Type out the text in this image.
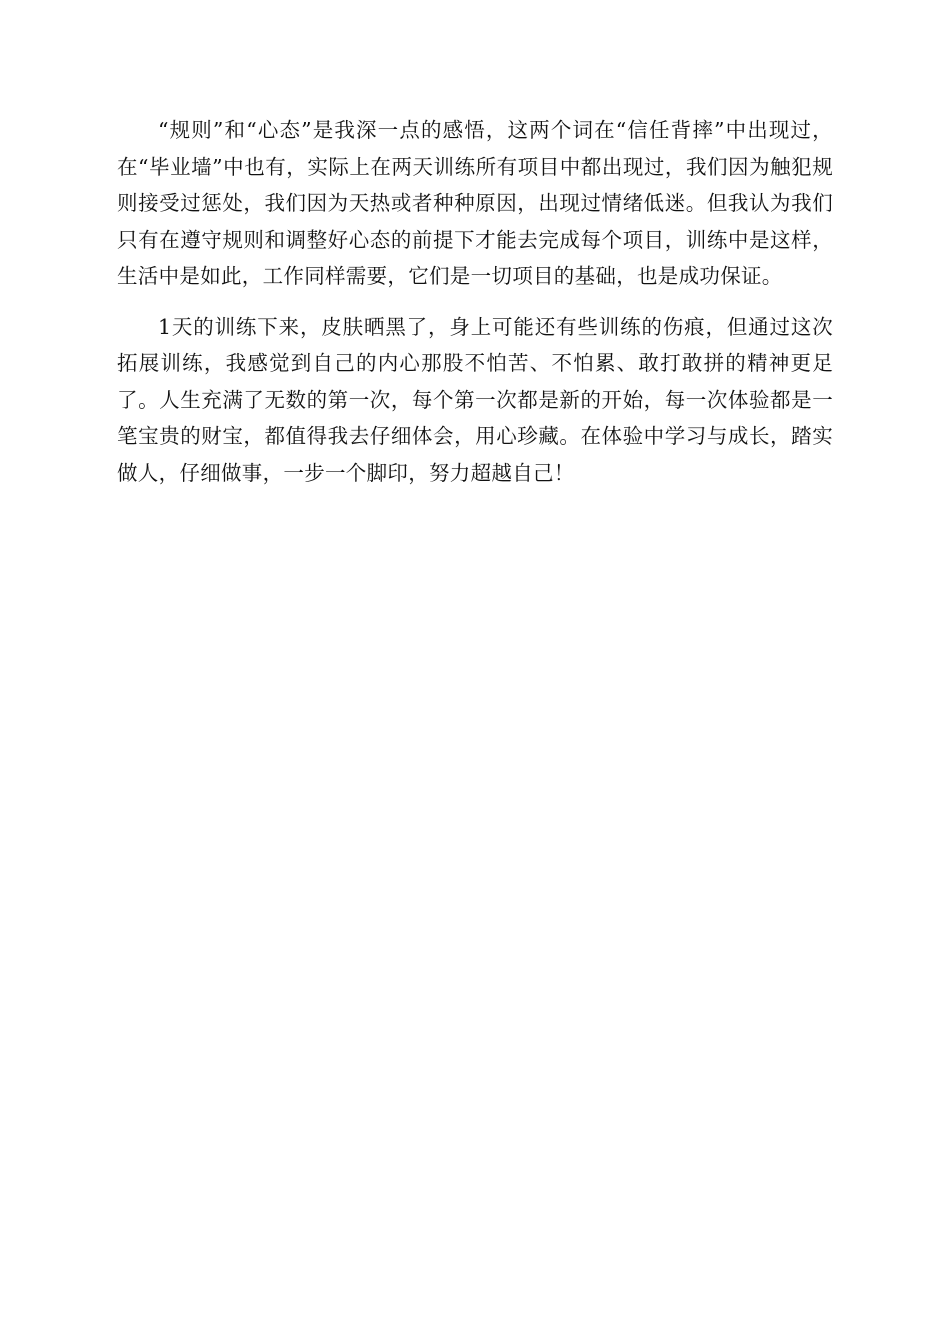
“规则”和“心态”是我深一点的感悟，这两个词在“信任背摔”中出现过，在“毕业墙”中也有，实际上在两天训练所有项目中都出现过，我们因为触犯规则接受过惩处，我们因为天热或者种种原因，出现过情绪低迷。但我认为我们只有在遵守规则和调整好心态的前提下才能去完成每个项目，训练中是这样，生活中是如此，工作同样需要，它们是一切项目的基础，也是成功保证。

1天的训练下来，皮肤晒黑了，身上可能还有些训练的伤痕，但通过这次拓展训练，我感觉到自己的内心那股不怕苦、不怕累、敢打敢拼的精神更足了。人生充满了无数的第一次，每个第一次都是新的开始，每一次体验都是一笔宝贵的财宝，都值得我去仔细体会，用心珍藏。在体验中学习与成长，踏实做人，仔细做事，一步一个脚印，努力超越自己！
